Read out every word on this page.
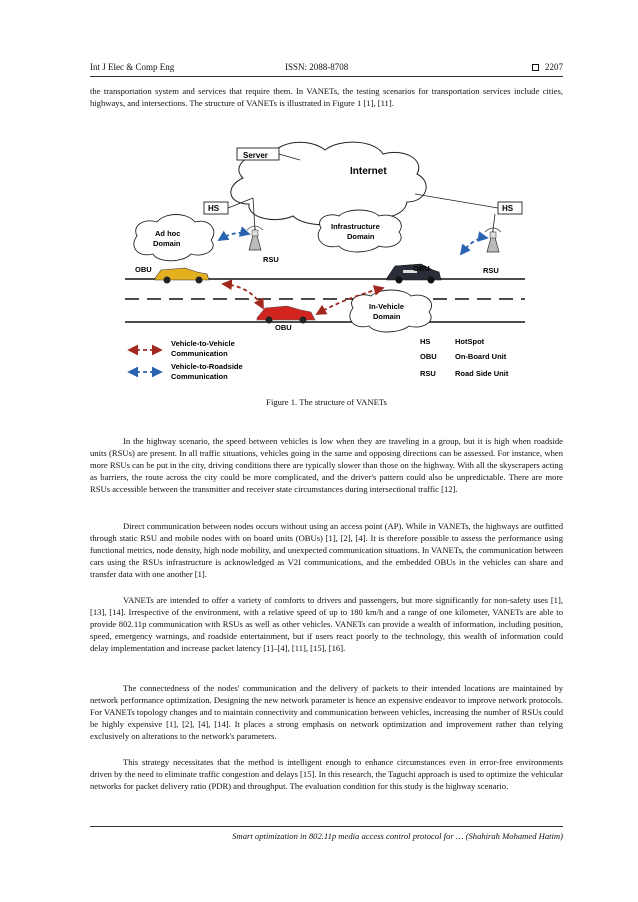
Int J Elec & Comp Eng	ISSN: 2088-8708	2207

the transportation system and services that require them. In VANETs, the testing scenarios for transportation services include cities, highways, and intersections. The structure of VANETs is illustrated in Figure 1 [1], [11].

Internet
Server
HS	HS
Ad hoc
Domain
Infrastructure
Domain
RSU
RSU
OBU	OBU
OBU
In-Vehicle
Domain
Vehicle-to-Vehicle
Communication
Vehicle-to-Roadside
Communication
HS	HotSpot
OBU On-Board Unit
RSU	Road Side Unit
Figure 1. The structure of VANETs

In the highway scenario, the speed between vehicles is low when they are traveling in a group, but it is high when roadside units (RSUs) are present. In all traffic situations, vehicles going in the same and opposing directions can be assessed. For instance, when more RSUs can be put in the city, driving conditions there are typically slower than those on the highway. With all the skyscrapers acting as barriers, the route across the city could be more complicated, and the driver's pattern could also be unpredictable. There are more RSUs accessible between the transmitter and receiver state circumstances during intersectional traffic [12].

Direct communication between nodes occurs without using an access point (AP). While in VANETs, the highways are outfitted through static RSU and mobile nodes with on board units (OBUs) [1], [2], [4]. It is therefore possible to assess the performance using functional metrics, node density, high node mobility, and unexpected communication situations. In VANETs, the communication between cars using the RSUs infrastructure is acknowledged as V2I communications, and the embedded OBUs in the vehicles can share and transfer data with one another [1].

VANETs are intended to offer a variety of comforts to drivers and passengers, but more significantly for non-safety uses [1], [13], [14]. Irrespective of the environment, with a relative speed of up to 180 km/h and a range of one kilometer, VANETs are able to provide 802.11p communication with RSUs as well as other vehicles. VANETs can provide a wealth of information, including position, speed, emergency warnings, and roadside entertainment, but if users react poorly to the technology, this wealth of information could delay implementation and increase packet latency [1]–[4], [11], [15], [16].

The connectedness of the nodes' communication and the delivery of packets to their intended locations are maintained by network performance optimization. Designing the new network parameter is hence an expensive endeavor to improve network protocols. For VANETs topology changes and to maintain connectivity and communication between vehicles, increasing the number of RSUs could be highly expensive [1], [2], [4], [14]. It places a strong emphasis on network optimization and improvement rather than relying exclusively on alterations to the network's parameters.

This strategy necessitates that the method is intelligent enough to enhance circumstances even in error-free environments driven by the need to eliminate traffic congestion and delays [15]. In this research, the Taguchi approach is used to optimize the vehicular networks for packet delivery ratio (PDR) and throughput. The evaluation condition for this study is the highway scenario.

Smart optimization in 802.11p media access control protocol for … (Shahirah Mohamed Hatim)
